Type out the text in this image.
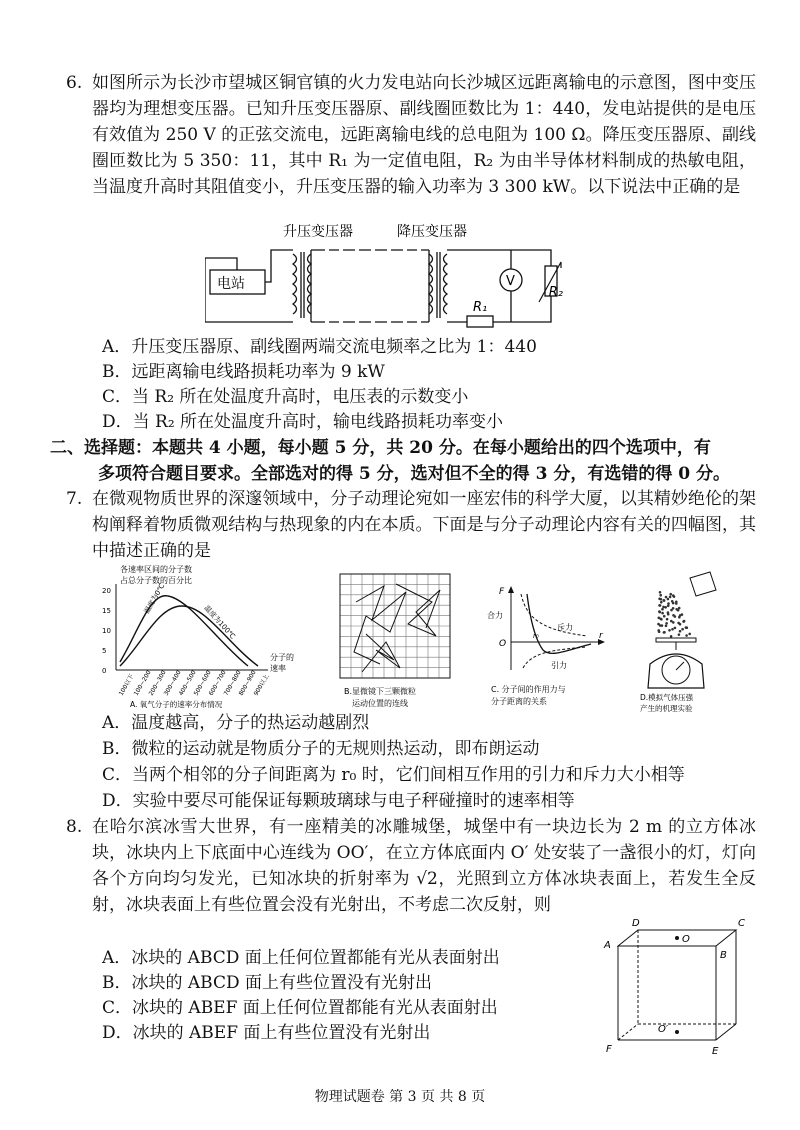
6. 如图所示为长沙市望城区铜官镇的火力发电站向长沙城区远距离输电的示意图，图中变压器均为理想变压器。已知升压变压器原、副线圈匝数比为 1：440，发电站提供的是电压有效值为 250 V 的正弦交流电，远距离输电线的总电阻为 100 Ω。降压变压器原、副线圈匝数比为 5 350：11，其中 R₁ 为一定值电阻，R₂ 为由半导体材料制成的热敏电阻，当温度升高时其阻值变小，升压变压器的输入功率为 3 300 kW。以下说法中正确的是
升压变压器	降压变压器
电站	V
R₂
R₁
A．升压变压器原、副线圈两端交流电频率之比为 1：440
B．远距离输电线路损耗功率为 9 kW
C．当 R₂ 所在处温度升高时，电压表的示数变小
D．当 R₂ 所在处温度升高时，输电线路损耗功率变小
二、选择题：本题共 4 小题，每小题 5 分，共 20 分。在每小题给出的四个选项中，有
多项符合题目要求。全部选对的得 5 分，选对但不全的得 3 分，有选错的得 0 分。
7. 在微观物质世界的深邃领域中，分子动理论宛如一座宏伟的科学大厦，以其精妙绝伦的架构阐释着物质微观结构与热现象的内在本质。下面是与分子动理论内容有关的四幅图，其中描述正确的是
各速率区间的分子数
占总分子数的百分比
20
15
10
5
0
100以下
100~200
200~300
300~400
400~500
500~600
600~700
700~800
800~900
900以上
温度为0℃
温度为100℃
分子的
速率
A. 氧气分子的速率分布情况
B.显微镜下三颗微粒
运动位置的连线
F
r
O
r₀
合力
斥力
引力
C. 分子间的作用力与
分子距离的关系	D.模拟气体压强
产生的机理实验
A．温度越高，分子的热运动越剧烈
B．微粒的运动就是物质分子的无规则热运动，即布朗运动
C．当两个相邻的分子间距离为 r₀ 时，它们间相互作用的引力和斥力大小相等
D．实验中要尽可能保证每颗玻璃球与电子秤碰撞时的速率相等
8. 在哈尔滨冰雪大世界，有一座精美的冰雕城堡，城堡中有一块边长为 2 m 的立方体冰块，冰块内上下底面中心连线为 OO′，在立方体底面内 O′ 处安装了一盏很小的灯，灯向各个方向均匀发光，已知冰块的折射率为 √2，光照到立方体冰块表面上，若发生全反射，冰块表面上有些位置会没有光射出，不考虑二次反射，则
A．冰块的 ABCD 面上任何位置都能有光从表面射出
B．冰块的 ABCD 面上有些位置没有光射出
C．冰块的 ABEF 面上任何位置都能有光从表面射出
D．冰块的 ABEF 面上有些位置没有光射出
D	C
A
B
O
O′
F	E
物理试题卷 第 3 页 共 8 页
